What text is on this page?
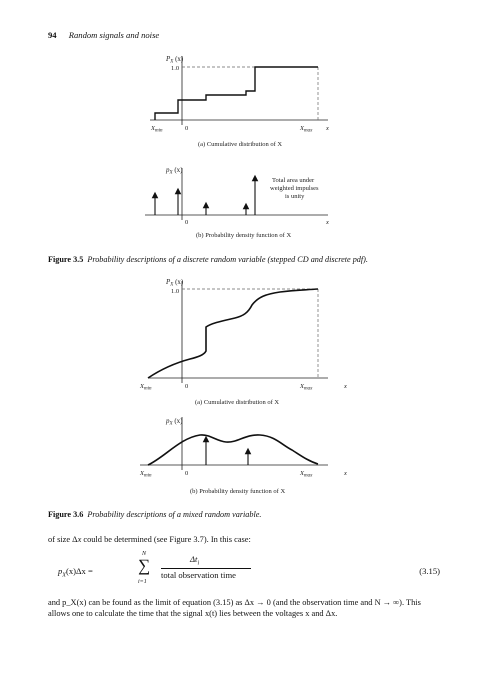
94 Random signals and noise
$P_X$ (x)
1.0
$X_{min}$	0	$X_{max}$ x
(a) Cumulative distribution of X
$p_X$ (x)
Total area under
weighted impulses
is unity
0	x
(b) Probability density function of X
Figure 3.5 Probability descriptions of a discrete random variable (stepped CD and discrete pdf).
$P_X$ (x)
1.0
$X_{min}$	0	$X_{max}$	x
(a) Cumulative distribution of X
$p_X$ (x)
$X_{min}$	0	$X_{max}$	x
(b) Probability density function of X
Figure 3.6 Probability descriptions of a mixed random variable.
of size Δx could be determined (see Figure 3.7). In this case:
$p_X(x)\Delta x$ =
N
∑
i=1
$\Delta t_i$
total observation time	(3.15)
and p_X(x) can be found as the limit of equation (3.15) as Δx → 0 (and the observation time and N → ∞). This allows one to calculate the time that the signal x(t) lies between the voltages x and Δx.
